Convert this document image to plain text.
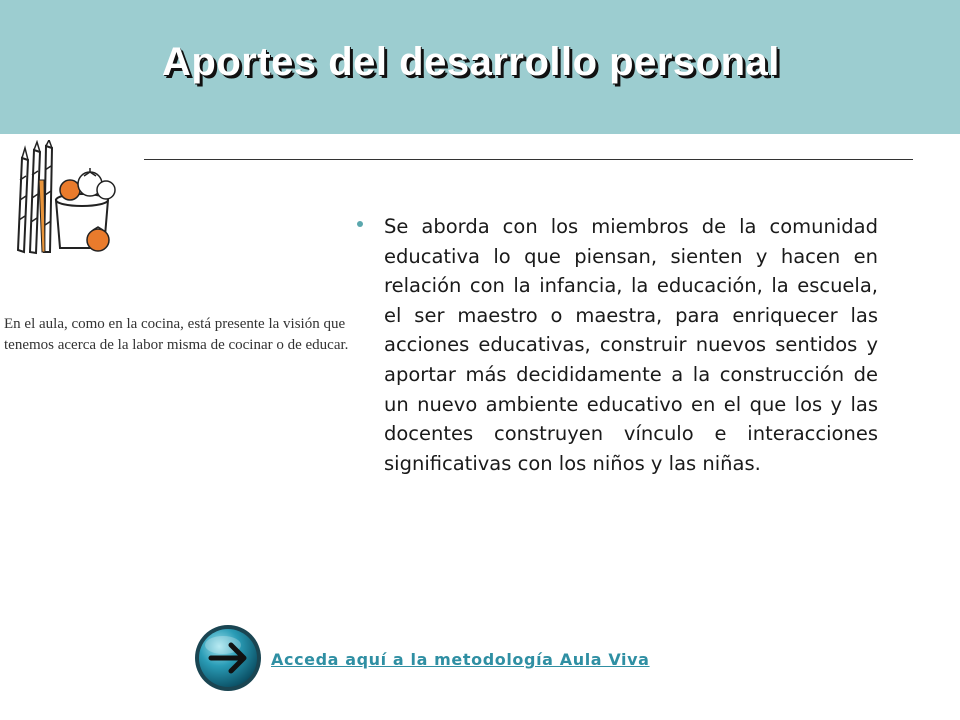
Aportes del desarrollo personal
En el aula, como en la cocina, está presente la visión que tenemos acerca de la labor misma de cocinar o de educar.
Se aborda con los miembros de la comunidad educativa lo que piensan, sienten y hacen en relación con la infancia, la educación, la escuela, el ser maestro o maestra, para enriquecer las acciones educativas, construir nuevos sentidos y aportar más decididamente a la construcción de un nuevo ambiente educativo en el que los y las docentes construyen vínculo e interacciones significativas con los niños y las niñas.
Acceda aquí a la metodología Aula Viva
